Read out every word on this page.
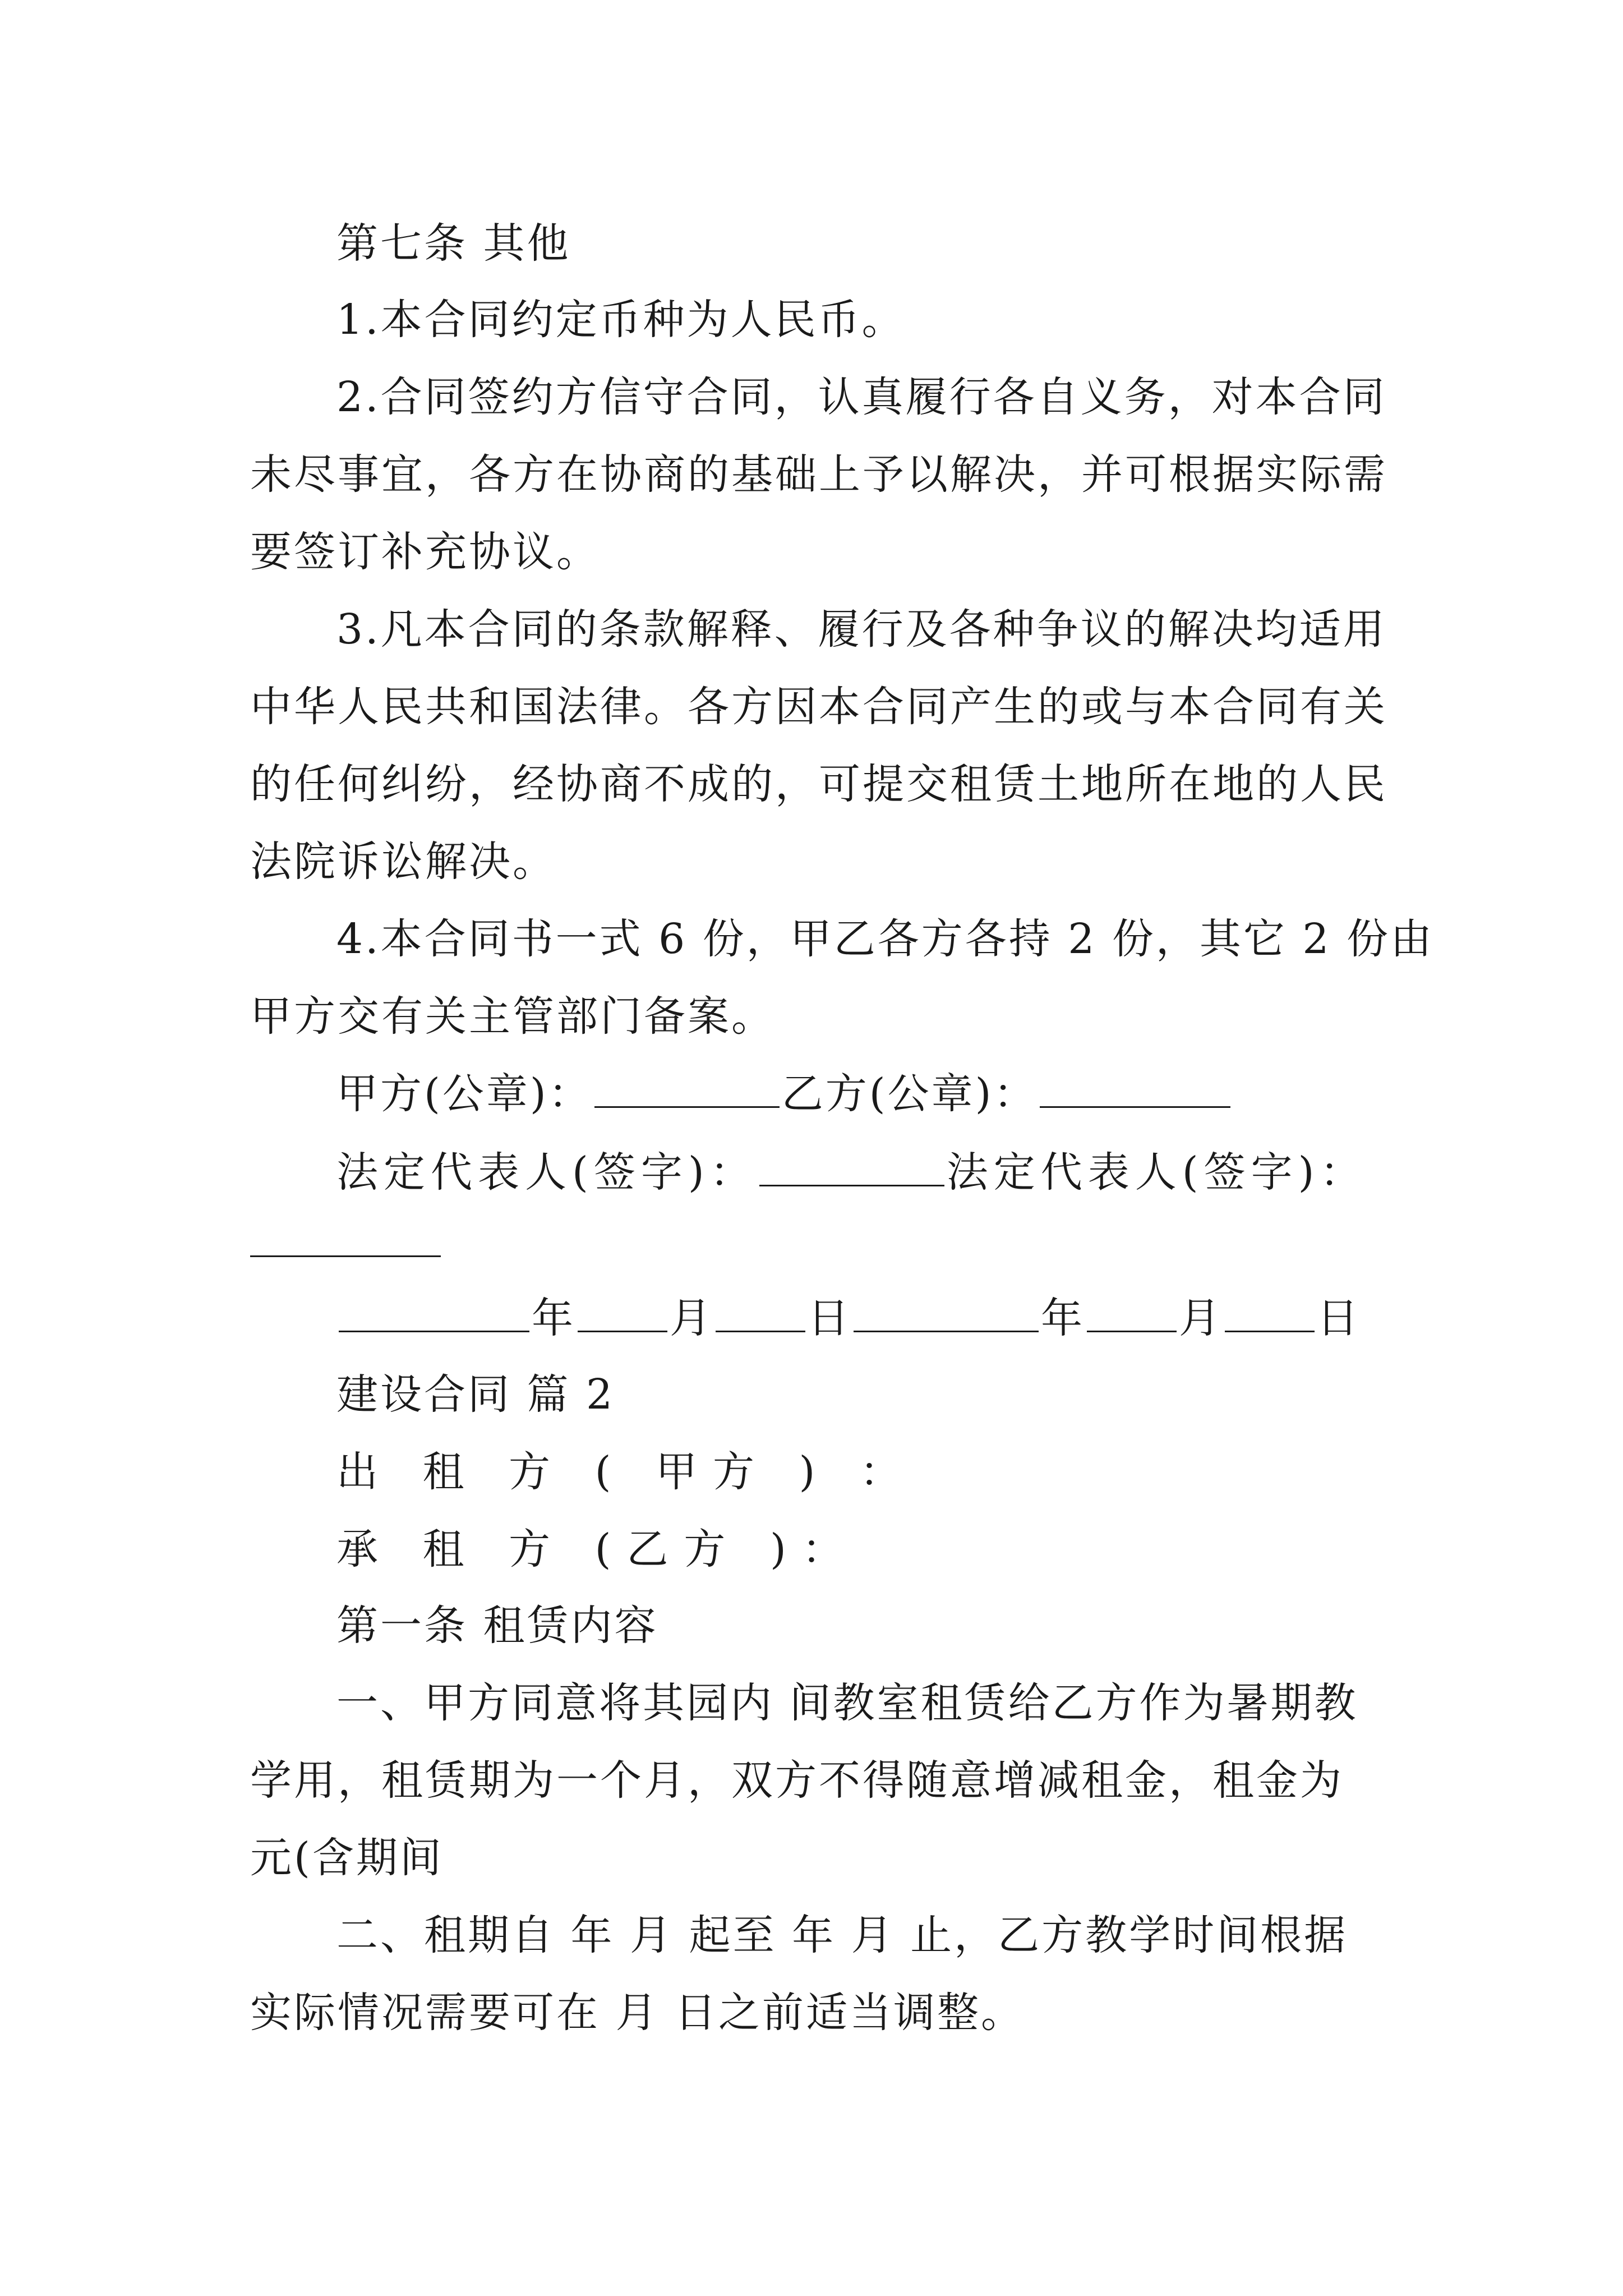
第七条 其他
1.本合同约定币种为人民币。
2.合同签约方信守合同，认真履行各自义务，对本合同
未尽事宜，各方在协商的基础上予以解决，并可根据实际需
要签订补充协议。
3.凡本合同的条款解释、履行及各种争议的解决均适用
中华人民共和国法律。各方因本合同产生的或与本合同有关
的任何纠纷，经协商不成的，可提交租赁土地所在地的人民
法院诉讼解决。
4.本合同书一式 6 份，甲乙各方各持 2 份，其它 2 份由
甲方交有关主管部门备案。
甲方(公章)：	乙方(公章)：
法定代表人(签字)：	法定代表人(签字)：
年 月 日	年 月 日
建设合同 篇 2
出 租 方 ( 甲方 ) ：
承 租 方 (乙方 )：
第一条 租赁内容
一、甲方同意将其园内 间教室租赁给乙方作为暑期教
学用，租赁期为一个月，双方不得随意增减租金，租金为
元(含期间
二、租期自 年 月 起至 年 月 止，乙方教学时间根据
实际情况需要可在 月 日之前适当调整。
